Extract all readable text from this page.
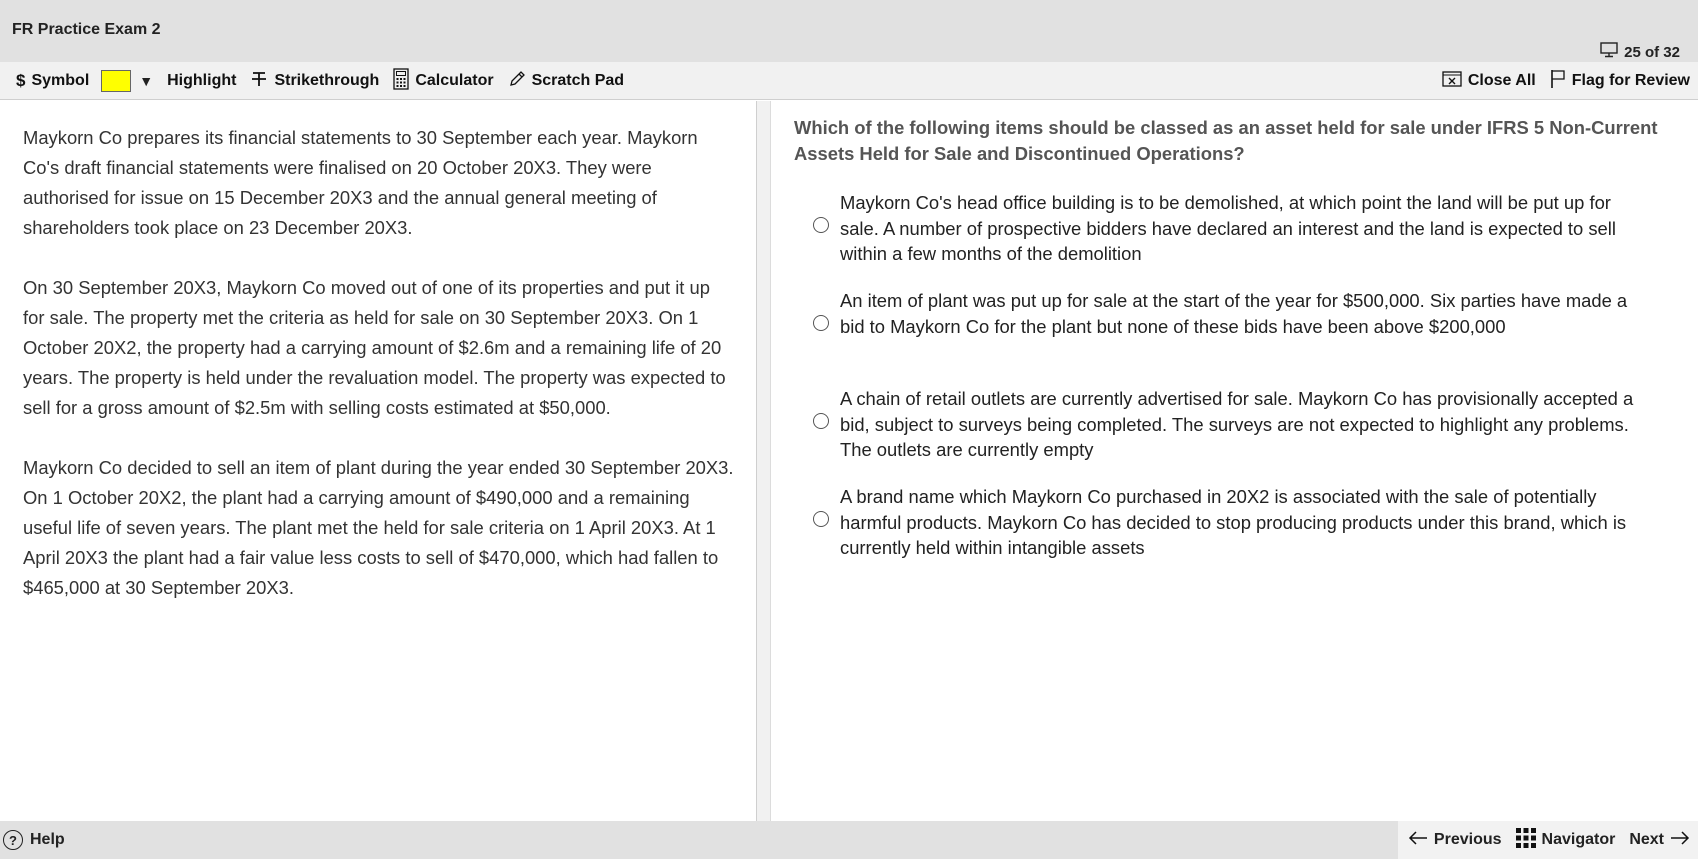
FR Practice Exam 2
25 of 32
$ Symbol	▼ Highlight Strikethrough Calculator Scratch Pad	Close All Flag for Review

Maykorn Co prepares its financial statements to 30 September each year. Maykorn Co's draft financial statements were finalised on 20 October 20X3. They were authorised for issue on 15 December 20X3 and the annual general meeting of shareholders took place on 23 December 20X3.

On 30 September 20X3, Maykorn Co moved out of one of its properties and put it up for sale. The property met the criteria as held for sale on 30 September 20X3. On 1 October 20X2, the property had a carrying amount of $2.6m and a remaining life of 20 years. The property is held under the revaluation model. The property was expected to sell for a gross amount of $2.5m with selling costs estimated at $50,000.

Maykorn Co decided to sell an item of plant during the year ended 30 September 20X3. On 1 October 20X2, the plant had a carrying amount of $490,000 and a remaining useful life of seven years. The plant met the held for sale criteria on 1 April 20X3. At 1 April 20X3 the plant had a fair value less costs to sell of $470,000, which had fallen to $465,000 at 30 September 20X3.

Which of the following items should be classed as an asset held for sale under IFRS 5 Non-Current Assets Held for Sale and Discontinued Operations?
Maykorn Co's head office building is to be demolished, at which point the land will be put up for sale. A number of prospective bidders have declared an interest and the land is expected to sell within a few months of the demolition
An item of plant was put up for sale at the start of the year for $500,000. Six parties have made a bid to Maykorn Co for the plant but none of these bids have been above $200,000
A chain of retail outlets are currently advertised for sale. Maykorn Co has provisionally accepted a bid, subject to surveys being completed. The surveys are not expected to highlight any problems. The outlets are currently empty
A brand name which Maykorn Co purchased in 20X2 is associated with the sale of potentially harmful products. Maykorn Co has decided to stop producing products under this brand, which is currently held within intangible assets
? Help	Previous	Navigator Next
